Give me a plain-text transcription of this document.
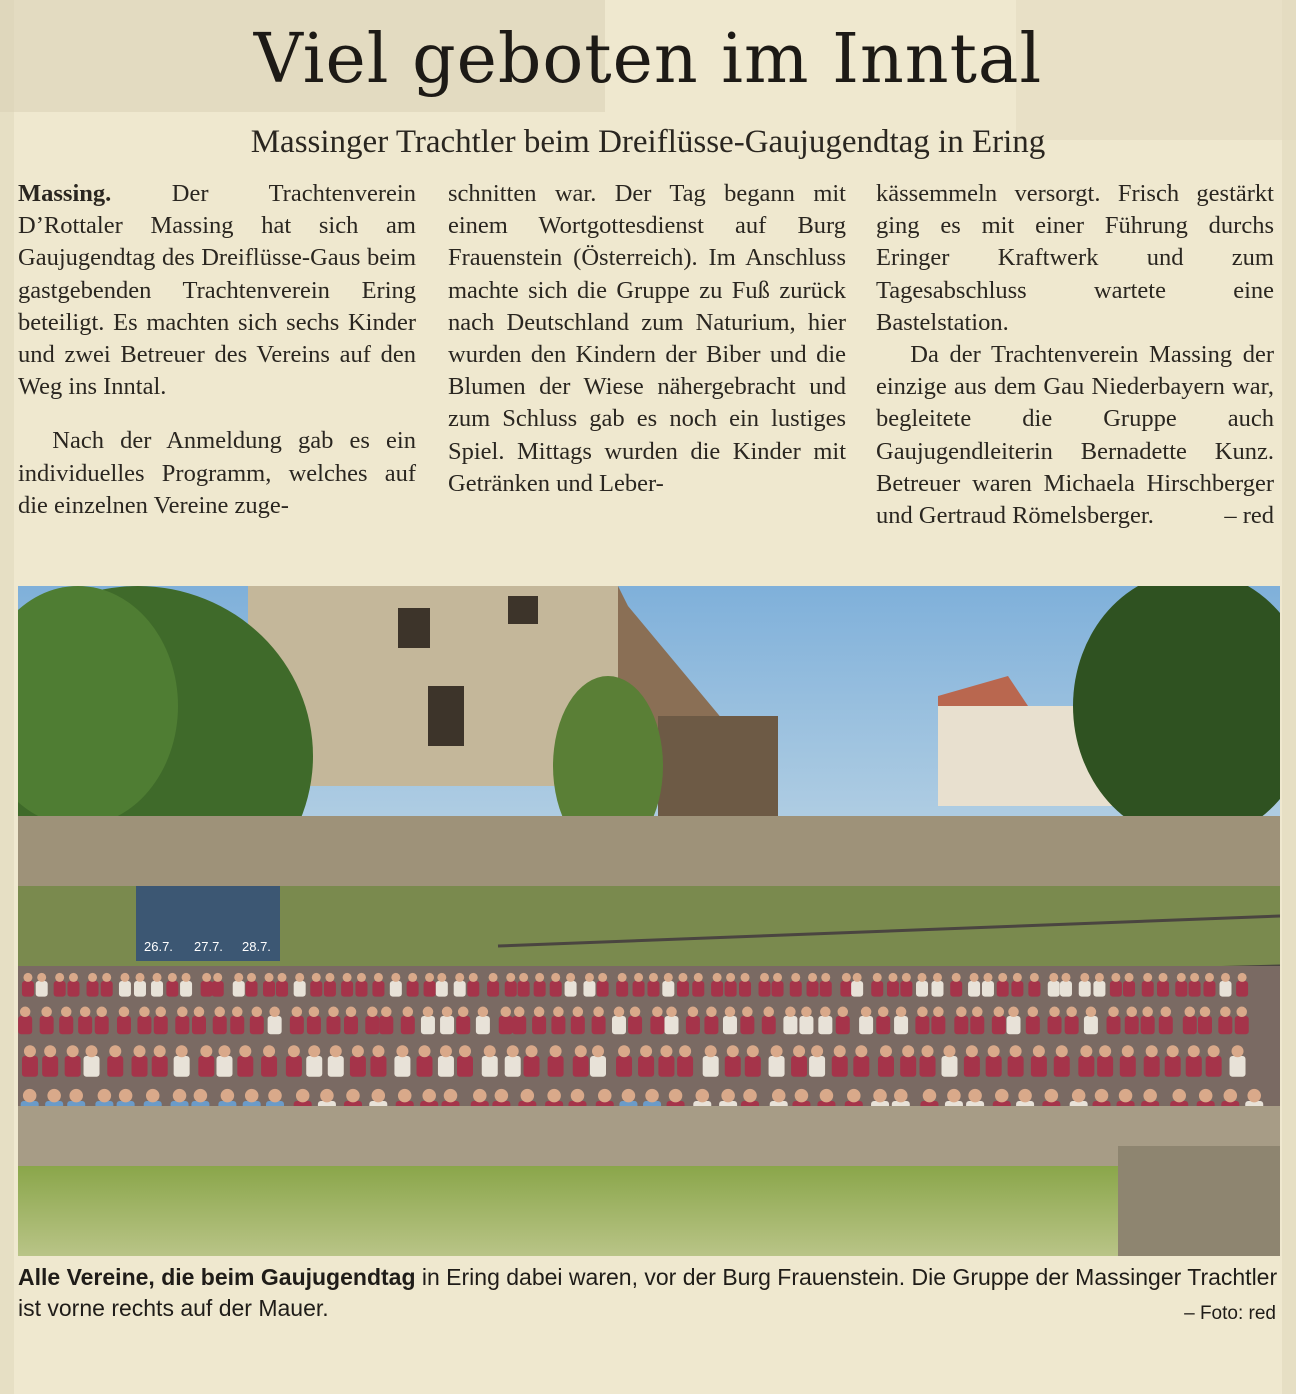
Viel geboten im Inntal
Massinger Trachtler beim Dreiflüsse-Gaujugendtag in Ering

Massing. Der Trachtenverein D’Rottaler Massing hat sich am Gaujugendtag des Dreiflüsse-Gaus beim gastgebenden Trachtenverein Ering beteiligt. Es machten sich sechs Kinder und zwei Betreuer des Vereins auf den Weg ins Inntal.

Nach der Anmeldung gab es ein individuelles Programm, welches auf die einzelnen Vereine zuge-

schnitten war. Der Tag begann mit einem Wortgottesdienst auf Burg Frauenstein (Österreich). Im Anschluss machte sich die Gruppe zu Fuß zurück nach Deutschland zum Naturium, hier wurden den Kindern der Biber und die Blumen der Wiese nähergebracht und zum Schluss gab es noch ein lustiges Spiel. Mittags wurden die Kinder mit Getränken und Leber-

kässemmeln versorgt. Frisch gestärkt ging es mit einer Führung durchs Eringer Kraftwerk und zum Tagesabschluss wartete eine Bastelstation.

Da der Trachtenverein Massing der einzige aus dem Gau Niederbayern war, begleitete die Gruppe auch Gaujugendleiterin Bernadette Kunz. Betreuer waren Michaela Hirschberger und Gertraud Römelsberger.	– red

26.7. 27.7. 28.7.
Alle Vereine, die beim Gaujugendtag in Ering dabei waren, vor der Burg Frauenstein. Die Gruppe der Massinger Trachtler ist vorne rechts auf der Mauer.	– Foto: red
